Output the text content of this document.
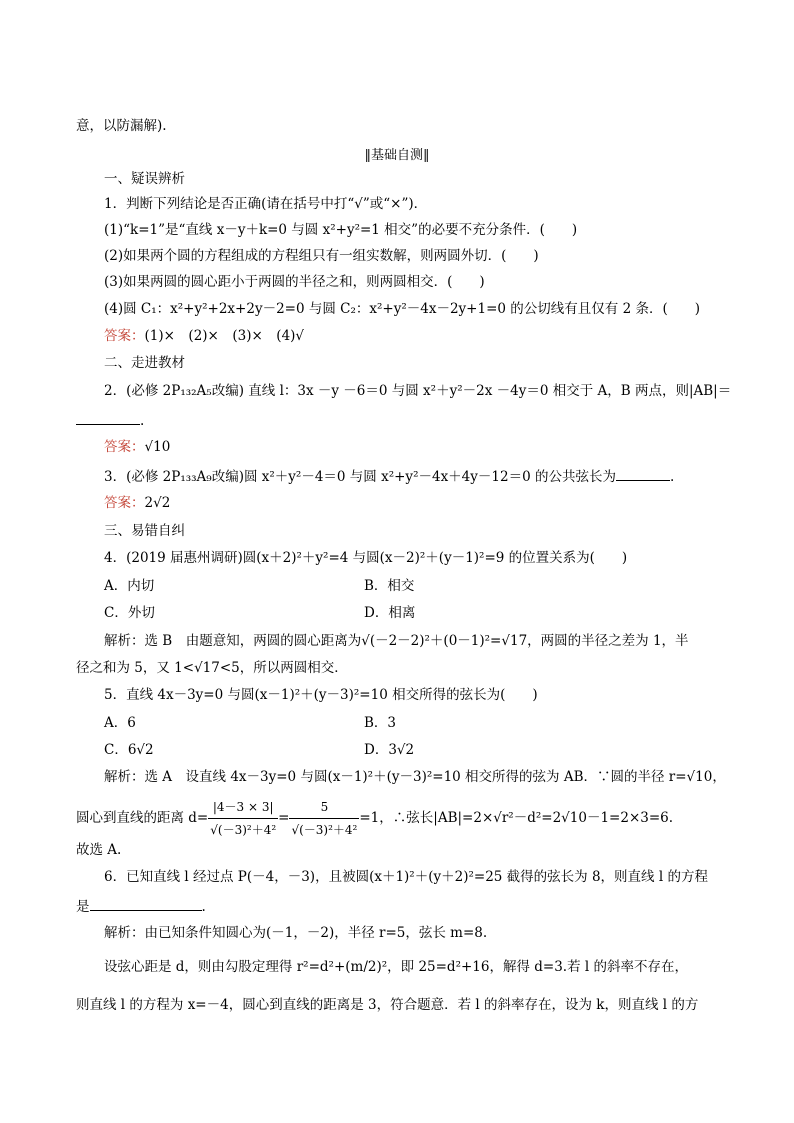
意，以防漏解).
‖基础自测‖
一、疑误辨析
1．判断下列结论是否正确(请在括号中打“√”或“×”)．
(1)“k=1”是“直线 x－y＋k=0 与圆 x²+y²=1 相交”的必要不充分条件．(　　)
(2)如果两个圆的方程组成的方程组只有一组实数解，则两圆外切．(　　)
(3)如果两圆的圆心距小于两圆的半径之和，则两圆相交．(　　)
(4)圆 C₁：x²+y²+2x+2y－2=0 与圆 C₂：x²+y²－4x－2y+1=0 的公切线有且仅有 2 条．(　　)
答案：(1)×　(2)×　(3)×　(4)√
二、走进教材
2．(必修 2P₁₃₂A₅改编) 直线 l：3x －y －6＝0 与圆 x²＋y²－2x －4y＝0 相交于 A，B 两点，则|AB|＝
.
答案：√10
3．(必修 2P₁₃₃A₉改编)圆 x²＋y²－4＝0 与圆 x²+y²－4x＋4y－12＝0 的公共弦长为	.
答案：2√2
三、易错自纠
4．(2019 届惠州调研)圆(x＋2)²＋y²=4 与圆(x－2)²＋(y－1)²=9 的位置关系为(　　)
A．内切	B．相交
C．外切	D．相离
解析：选 B　由题意知，两圆的圆心距离为√(－2－2)²＋(0－1)²=√17，两圆的半径之差为 1，半
径之和为 5，又 1<√17<5，所以两圆相交．
5．直线 4x－3y=0 与圆(x－1)²＋(y－3)²=10 相交所得的弦长为(　　)
A．6	B．3
C．6√2	D．3√2
解析：选 A　设直线 4x－3y=0 与圆(x－1)²＋(y－3)²=10 相交所得的弦为 AB．∵圆的半径 r=√10，
圆心到直线的距离 $d= \frac{|4-3 \times 3|}{\text{√(－3)²＋4²}} = \frac{5}{\text{√(－3)²＋4²}} =1$，∴弦长|AB|=2×√r²－d²=2√10－1=2×3=6.
故选 A.
6．已知直线 l 经过点 P(－4，－3)，且被圆(x＋1)²＋(y＋2)²=25 截得的弦长为 8，则直线 l 的方程
是	.
解析：由已知条件知圆心为(－1，－2)，半径 r=5，弦长 m=8.
设弦心距是 d，则由勾股定理得 r²=d²+(m/2)²，即 25=d²+16，解得 d=3.若 l 的斜率不存在，
则直线 l 的方程为 x=－4，圆心到直线的距离是 3，符合题意．若 l 的斜率存在，设为 k，则直线 l 的方
